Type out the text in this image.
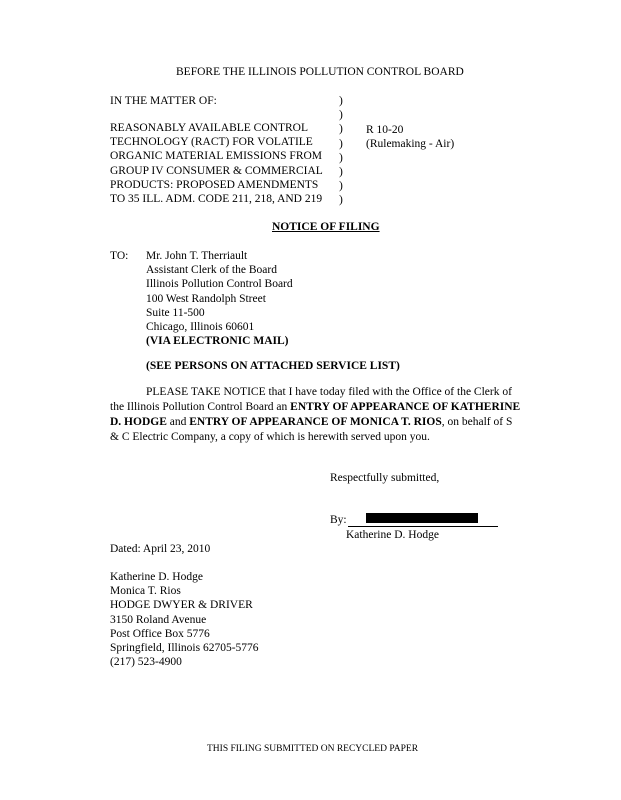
BEFORE THE ILLINOIS POLLUTION CONTROL BOARD
IN THE MATTER OF:
REASONABLY AVAILABLE CONTROL
TECHNOLOGY (RACT) FOR VOLATILE
ORGANIC MATERIAL EMISSIONS FROM
GROUP IV CONSUMER & COMMERCIAL
PRODUCTS: PROPOSED AMENDMENTS
TO 35 ILL. ADM. CODE 211, 218, AND 219
)
)
)
)
)
)
)
)
R 10-20
(Rulemaking - Air)
NOTICE OF FILING
TO: Mr. John T. Therriault
Assistant Clerk of the Board
Illinois Pollution Control Board
100 West Randolph Street
Suite 11-500
Chicago, Illinois 60601
(VIA ELECTRONIC MAIL)
(SEE PERSONS ON ATTACHED SERVICE LIST)
PLEASE TAKE NOTICE that I have today filed with the Office of the Clerk of
the Illinois Pollution Control Board an ENTRY OF APPEARANCE OF KATHERINE
D. HODGE and ENTRY OF APPEARANCE OF MONICA T. RIOS, on behalf of S
& C Electric Company, a copy of which is herewith served upon you.
Respectfully submitted,
By:
Katherine D. Hodge
Dated: April 23, 2010
Katherine D. Hodge
Monica T. Rios
HODGE DWYER & DRIVER
3150 Roland Avenue
Post Office Box 5776
Springfield, Illinois 62705-5776
(217) 523-4900
THIS FILING SUBMITTED ON RECYCLED PAPER
